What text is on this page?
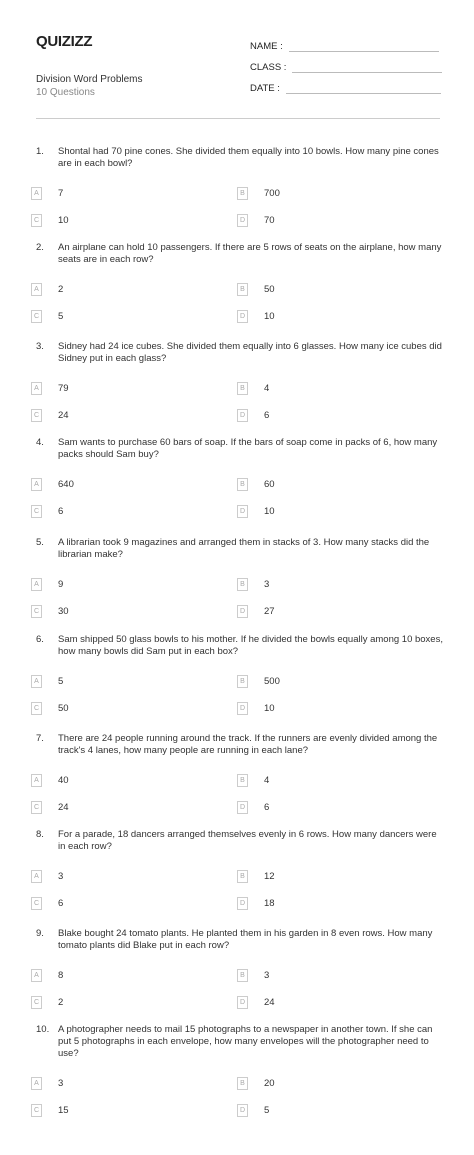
QUIZIZZ
Division Word Problems
10 Questions
NAME :
CLASS :
DATE :
1. Shontal had 70 pine cones. She divided them equally into 10 bowls. How many pine cones are in each bowl?
A	7	B	700
C	10	D	70
2. An airplane can hold 10 passengers. If there are 5 rows of seats on the airplane, how many seats are in each row?
A	2	B	50
C	5	D	10
3. Sidney had 24 ice cubes. She divided them equally into 6 glasses. How many ice cubes did Sidney put in each glass?
A	79	B	4
C	24	D	6
4. Sam wants to purchase 60 bars of soap. If the bars of soap come in packs of 6, how many packs should Sam buy?
A	640	B	60
C	6	D	10
5. A librarian took 9 magazines and arranged them in stacks of 3. How many stacks did the librarian make?
A	9	B	3
C	30	D	27
6. Sam shipped 50 glass bowls to his mother. If he divided the bowls equally among 10 boxes, how many bowls did Sam put in each box?
A	5	B	500
C	50	D	10
7. There are 24 people running around the track. If the runners are evenly divided among the track's 4 lanes, how many people are running in each lane?
A	40	B	4
C	24	D	6
8. For a parade, 18 dancers arranged themselves evenly in 6 rows. How many dancers were in each row?
A	3	B	12
C	6	D	18
9. Blake bought 24 tomato plants. He planted them in his garden in 8 even rows. How many tomato plants did Blake put in each row?
A	8	B	3
C	2	D	24
10. A photographer needs to mail 15 photographs to a newspaper in another town. If she can put 5 photographs in each envelope, how many envelopes will the photographer need to use?
A	3	B	20
C	15	D	5
